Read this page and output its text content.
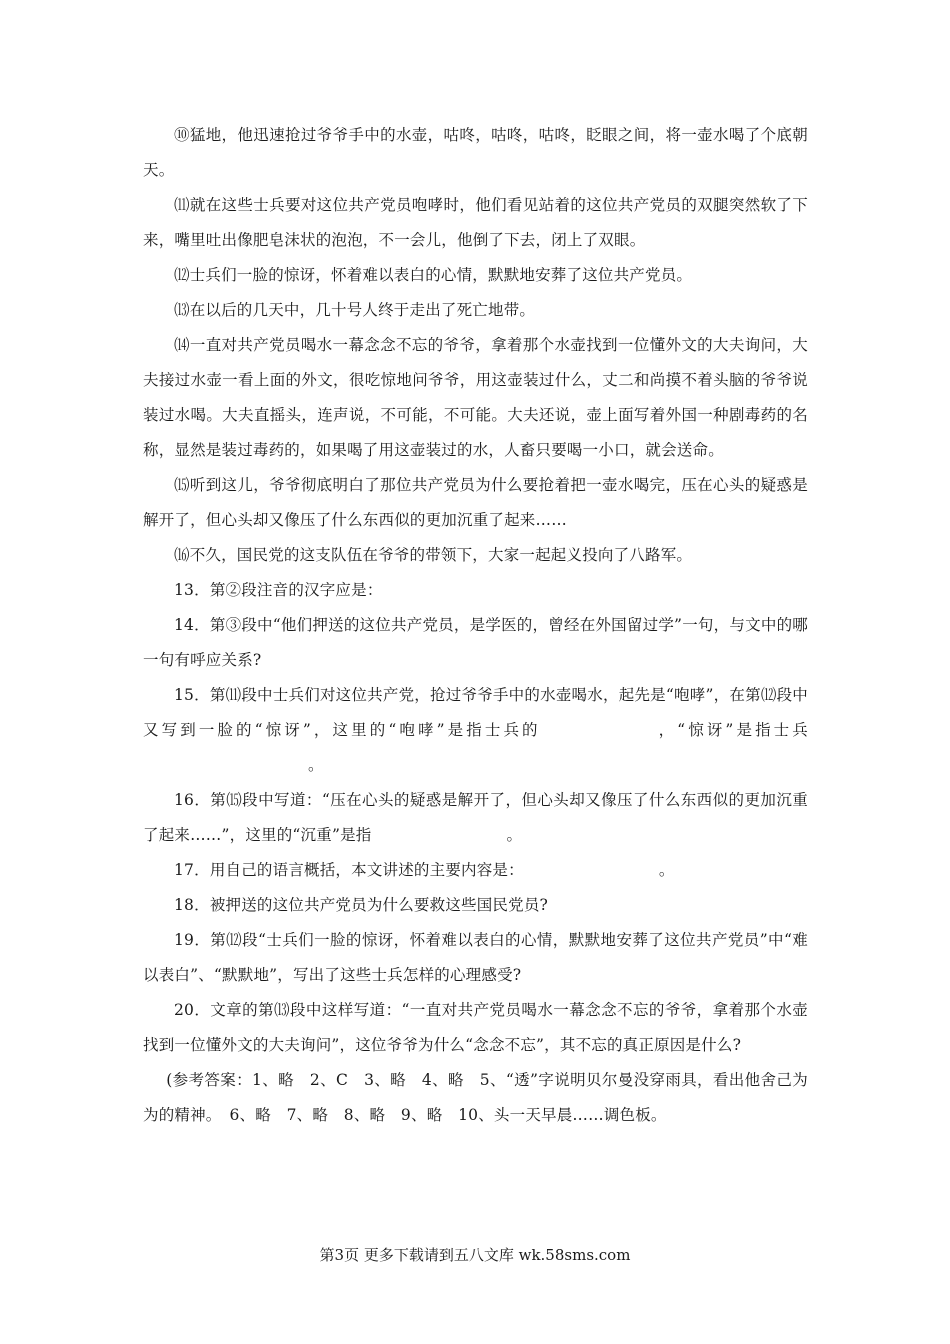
⑩猛地，他迅速抢过爷爷手中的水壶，咕咚，咕咚，咕咚，眨眼之间，将一壶水喝了个底朝天。

⑾就在这些士兵要对这位共产党员咆哮时，他们看见站着的这位共产党员的双腿突然软了下来，嘴里吐出像肥皂沫状的泡泡，不一会儿，他倒了下去，闭上了双眼。

⑿士兵们一脸的惊讶，怀着难以表白的心情，默默地安葬了这位共产党员。

⒀在以后的几天中，几十号人终于走出了死亡地带。

⒁一直对共产党员喝水一幕念念不忘的爷爷，拿着那个水壶找到一位懂外文的大夫询问，大夫接过水壶一看上面的外文，很吃惊地问爷爷，用这壶装过什么，丈二和尚摸不着头脑的爷爷说装过水喝。大夫直摇头，连声说，不可能，不可能。大夫还说，壶上面写着外国一种剧毒药的名称，显然是装过毒药的，如果喝了用这壶装过的水，人畜只要喝一小口，就会送命。

⒂听到这儿，爷爷彻底明白了那位共产党员为什么要抢着把一壶水喝完，压在心头的疑惑是解开了，但心头却又像压了什么东西似的更加沉重了起来……

⒃不久，国民党的这支队伍在爷爷的带领下，大家一起起义投向了八路军。

13．第②段注音的汉字应是：

14．第③段中“他们押送的这位共产党员，是学医的，曾经在外国留过学”一句，与文中的哪一句有呼应关系?

15．第⑾段中士兵们对这位共产党，抢过爷爷手中的水壶喝水，起先是“咆哮”，在第⑿段中又写到一脸的“惊讶”，这里的“咆哮”是指士兵的	，“惊讶”是指士兵。

16．第⒂段中写道：“压在心头的疑惑是解开了，但心头却又像压了什么东西似的更加沉重了起来……”，这里的“沉重”是指	。

17．用自己的语言概括，本文讲述的主要内容是：	。

18．被押送的这位共产党员为什么要救这些国民党员?

19．第⑿段“士兵们一脸的惊讶，怀着难以表白的心情，默默地安葬了这位共产党员”中“难以表白”、“默默地”，写出了这些士兵怎样的心理感受?

20．文章的第⒀段中这样写道：“一直对共产党员喝水一幕念念不忘的爷爷，拿着那个水壶找到一位懂外文的大夫询问”，这位爷爷为什么“念念不忘”，其不忘的真正原因是什么?

(参考答案：1、略　2、C　3、略　4、略　5、“透”字说明贝尔曼没穿雨具，看出他舍己为为的精神。　6、略　7、略　8、略　9、略　10、头一天早晨……调色板。

第3页 更多下载请到五八文库 wk.58sms.com
